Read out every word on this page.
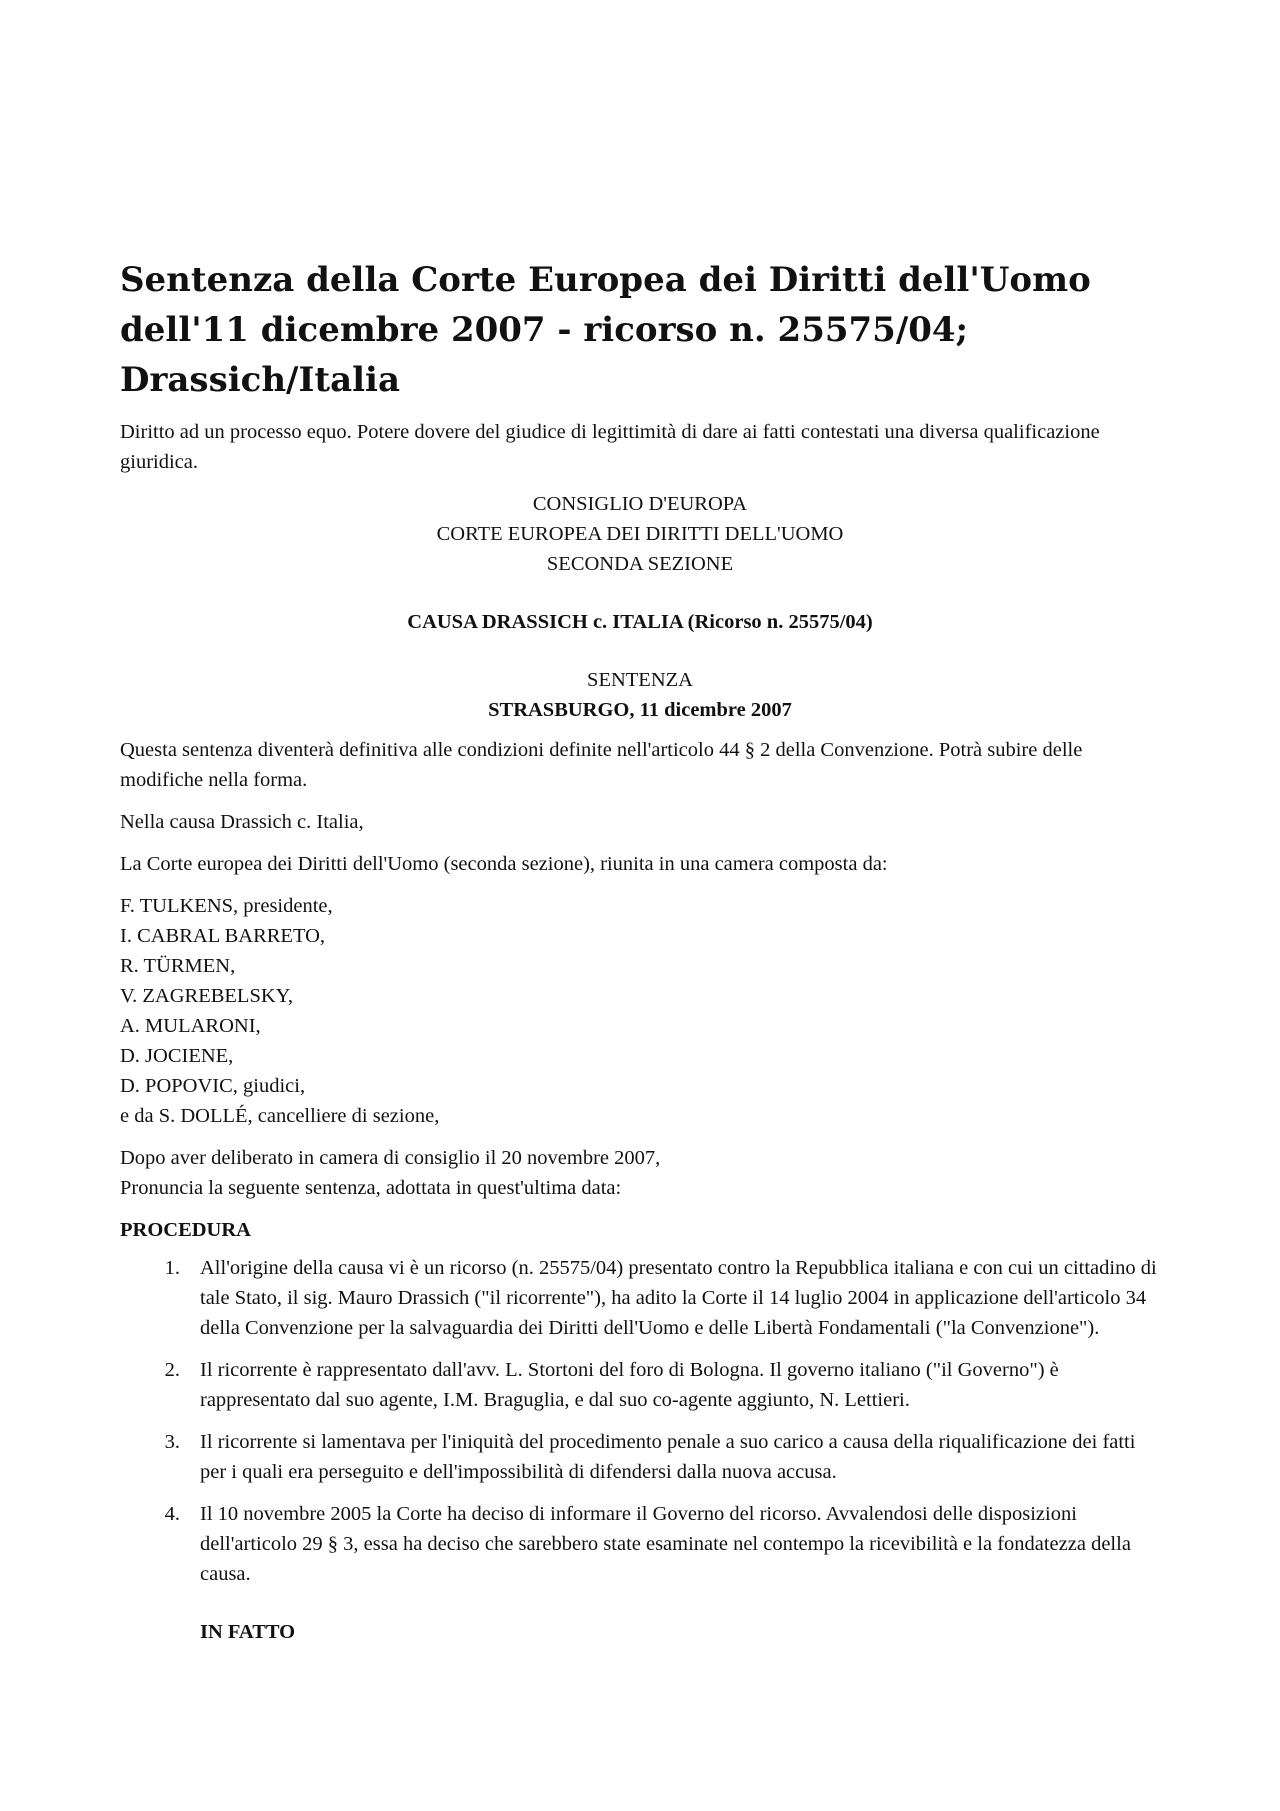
Sentenza della Corte Europea dei Diritti dell'Uomo dell'11 dicembre 2007 - ricorso n. 25575/04; Drassich/Italia

Diritto ad un processo equo. Potere dovere del giudice di legittimità di dare ai fatti contestati una diversa qualificazione giuridica.

CONSIGLIO D'EUROPA

CORTE EUROPEA DEI DIRITTI DELL'UOMO

SECONDA SEZIONE

CAUSA DRASSICH c. ITALIA (Ricorso n. 25575/04)

SENTENZA

STRASBURGO, 11 dicembre 2007

Questa sentenza diventerà definitiva alle condizioni definite nell'articolo 44 § 2 della Convenzione. Potrà subire delle modifiche nella forma.

Nella causa Drassich c. Italia,

La Corte europea dei Diritti dell'Uomo (seconda sezione), riunita in una camera composta da:

F. TULKENS, presidente,
I. CABRAL BARRETO,
R. TÜRMEN,
V. ZAGREBELSKY,
A. MULARONI,
D. JOCIENE,
D. POPOVIC, giudici,
e da S. DOLLÉ, cancelliere di sezione,
Dopo aver deliberato in camera di consiglio il 20 novembre 2007,
Pronuncia la seguente sentenza, adottata in quest'ultima data:
PROCEDURA
1. All'origine della causa vi è un ricorso (n. 25575/04) presentato contro la Repubblica italiana e con cui un cittadino di tale Stato, il sig. Mauro Drassich ("il ricorrente"), ha adito la Corte il 14 luglio 2004 in applicazione dell'articolo 34 della Convenzione per la salvaguardia dei Diritti dell'Uomo e delle Libertà Fondamentali ("la Convenzione").
2. Il ricorrente è rappresentato dall'avv. L. Stortoni del foro di Bologna. Il governo italiano ("il Governo") è rappresentato dal suo agente, I.M. Braguglia, e dal suo co-agente aggiunto, N. Lettieri.
3. Il ricorrente si lamentava per l'iniquità del procedimento penale a suo carico a causa della riqualificazione dei fatti per i quali era perseguito e dell'impossibilità di difendersi dalla nuova accusa.
4. Il 10 novembre 2005 la Corte ha deciso di informare il Governo del ricorso. Avvalendosi delle disposizioni dell'articolo 29 § 3, essa ha deciso che sarebbero state esaminate nel contempo la ricevibilità e la fondatezza della causa.
IN FATTO
